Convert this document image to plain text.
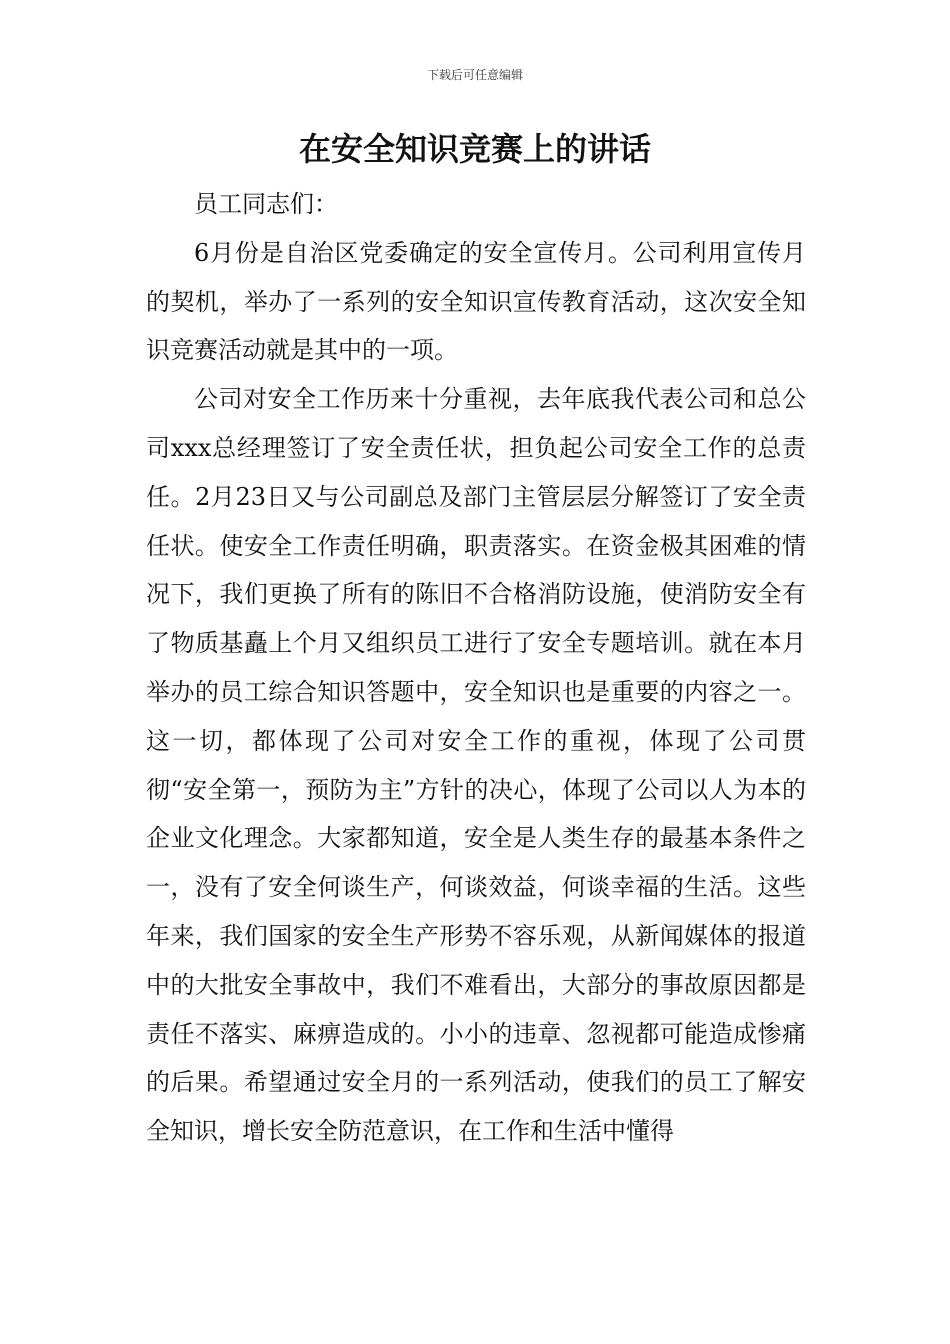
下载后可任意编辑
在安全知识竞赛上的讲话

员工同志们：

6月份是自治区党委确定的安全宣传月。公司利用宣传月的契机，举办了一系列的安全知识宣传教育活动，这次安全知识竞赛活动就是其中的一项。

公司对安全工作历来十分重视，去年底我代表公司和总公司xxx总经理签订了安全责任状，担负起公司安全工作的总责任。2月23日又与公司副总及部门主管层层分解签订了安全责任状。使安全工作责任明确，职责落实。在资金极其困难的情况下，我们更换了所有的陈旧不合格消防设施，使消防安全有了物质基矗上个月又组织员工进行了安全专题培训。就在本月举办的员工综合知识答题中，安全知识也是重要的内容之一。这一切，都体现了公司对安全工作的重视，体现了公司贯彻“安全第一，预防为主”方针的决心，体现了公司以人为本的企业文化理念。大家都知道，安全是人类生存的最基本条件之一，没有了安全何谈生产，何谈效益，何谈幸福的生活。这些年来，我们国家的安全生产形势不容乐观，从新闻媒体的报道中的大批安全事故中，我们不难看出，大部分的事故原因都是责任不落实、麻痹造成的。小小的违章、忽视都可能造成惨痛的后果。希望通过安全月的一系列活动，使我们的员工了解安全知识，增长安全防范意识，在工作和生活中懂得
